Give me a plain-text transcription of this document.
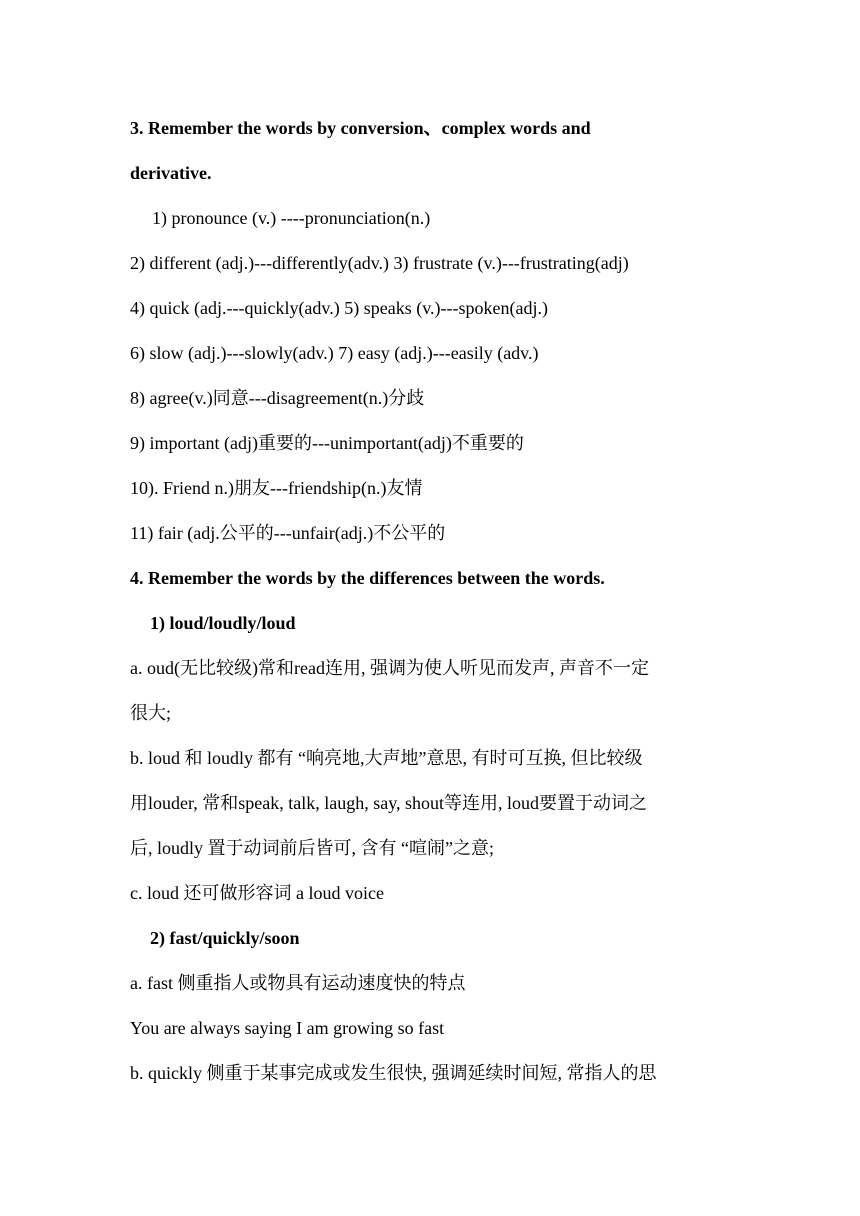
3. Remember the words by conversion、complex words and
derivative.
1) pronounce (v.) ----pronunciation(n.)
2) different (adj.)---differently(adv.) 3) frustrate (v.)---frustrating(adj)
4) quick (adj.---quickly(adv.) 5) speaks (v.)---spoken(adj.)
6) slow (adj.)---slowly(adv.) 7) easy (adj.)---easily (adv.)
8) agree(v.)同意---disagreement(n.)分歧
9) important (adj)重要的---unimportant(adj)不重要的
10). Friend n.)朋友---friendship(n.)友情
11) fair (adj.公平的---unfair(adj.)不公平的
4. Remember the words by the differences between the words.
1) loud/loudly/loud
a. oud(无比较级)常和read连用, 强调为使人听见而发声, 声音不一定
很大;
b. loud 和 loudly 都有 “响亮地,大声地”意思, 有时可互换, 但比较级
用louder, 常和speak, talk, laugh, say, shout等连用, loud要置于动词之
后, loudly 置于动词前后皆可, 含有 “喧闹”之意;
c. loud 还可做形容词 a loud voice
2) fast/quickly/soon
a. fast 侧重指人或物具有运动速度快的特点
You are always saying I am growing so fast
b. quickly 侧重于某事完成或发生很快, 强调延续时间短, 常指人的思
